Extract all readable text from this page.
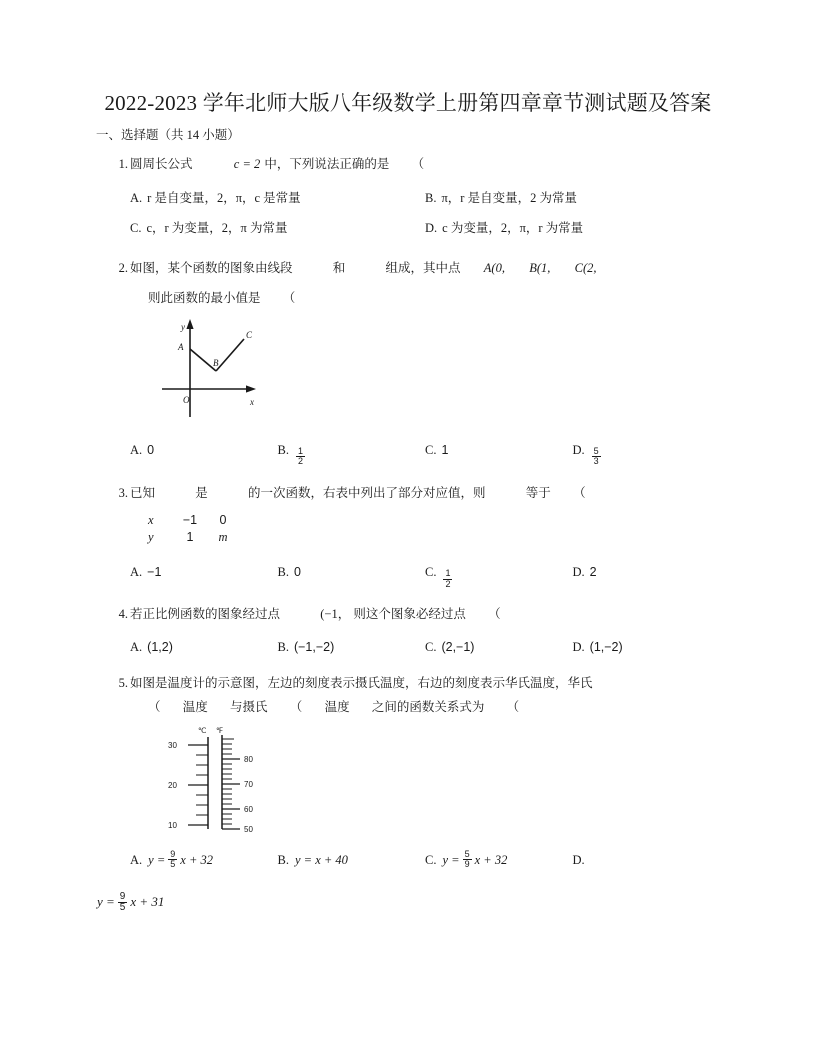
2022-2023 学年北师大版八年级数学上册第四章章节测试题及答案
一、选择题（共 14 小题）
1. 圆周长公式	c = 2 中，下列说法正确的是 （
A. r 是自变量，2，π，c 是常量	B. π，r 是自变量，2 为常量
C. c，r 为变量，2，π 为常量	D. c 为变量，2，π，r 为常量
2. 如图，某个函数的图象由线段	和	组成，其中点 A(0, B(1, C(2,
则此函数的最小值是 （
A
B
C
O	x
y
A. 0	B. $\frac{1}{2}$	C. 1	D. $\frac{5}{3}$
3. 已知	是	的一次函数，右表中列出了部分对应值，则	等于 （
x	−1	0
y	1	m
A. −1	B. 0	C. $\frac{1}{2}$	D. 2
4. 若正比例函数的图象经过点	(−1， 则这个图象必经过点 （
A. (1,2)	B. (−1,−2)	C. (2,−1)	D. (1,−2)
5. 如图是温度计的示意图，左边的刻度表示摄氏温度，右边的刻度表示华氏温度，华氏
（ 温度 与摄氏 （ 温度 之间的函数关系式为 （
℃
30
20
10
℉
80
70
60
50
A. $y = \frac{9}{5}$ x + 32	B. y = x + 40	C. $y = \frac{5}{9}$ x + 32	D.
$y = \frac{9}{5}$ x + 31
